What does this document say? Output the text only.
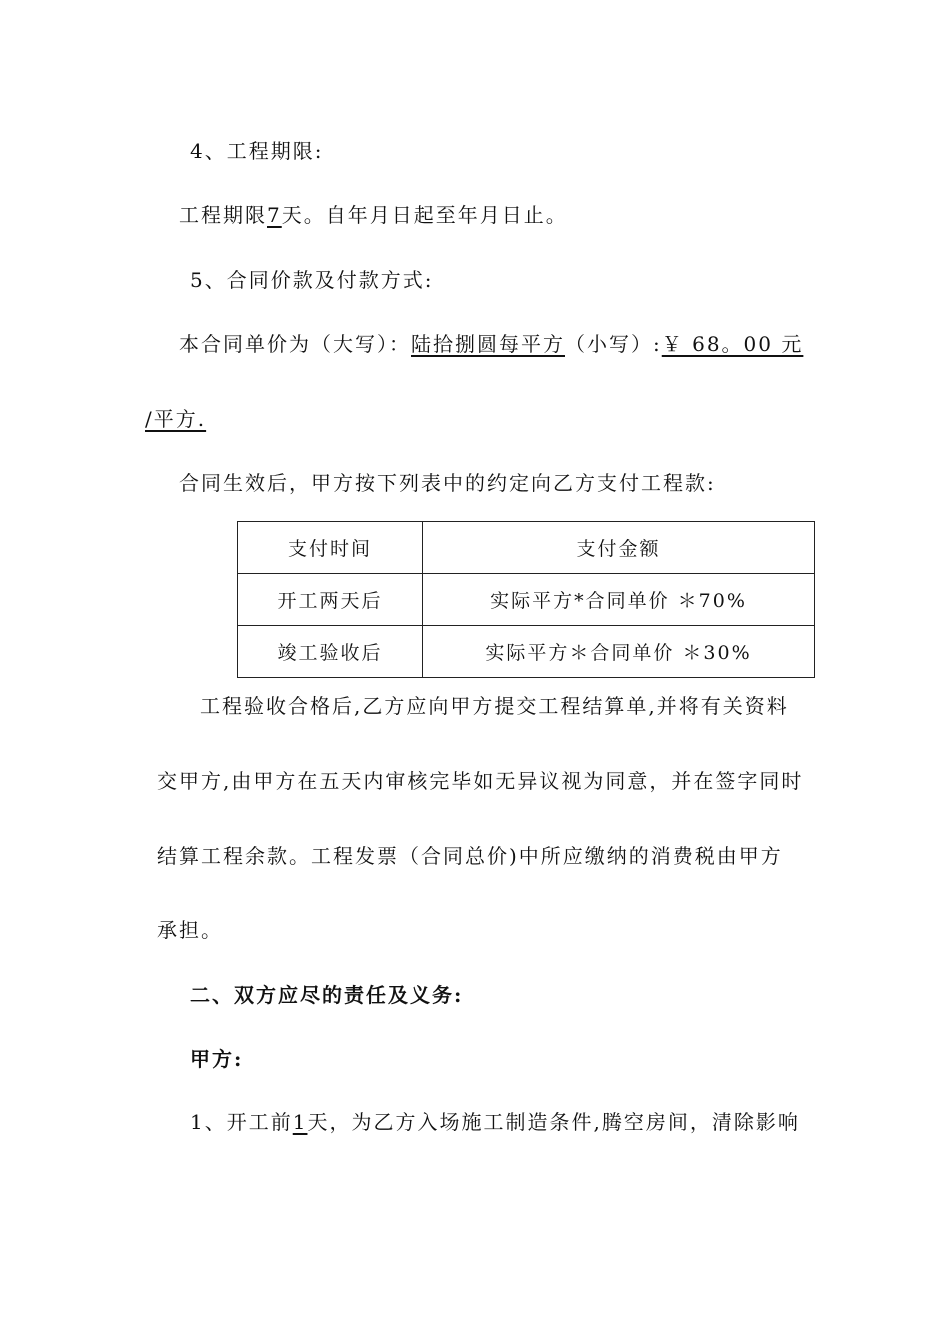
4、工程期限:
工程期限7天。自年月日起至年月日止。
5、合同价款及付款方式:
本合同单价为（大写）：陆拾捌圆每平方（小写）:￥ 68。00 元
/平方.
合同生效后，甲方按下列表中的约定向乙方支付工程款:
支付时间	支付金额
开工两天后	实际平方*合同单价 ＊70%
竣工验收后	实际平方＊合同单价 ＊30%
工程验收合格后,乙方应向甲方提交工程结算单,并将有关资料
交甲方,由甲方在五天内审核完毕如无异议视为同意，并在签字同时
结算工程余款。工程发票（合同总价)中所应缴纳的消费税由甲方
承担。
二、双方应尽的责任及义务:
甲方:
1、开工前1天，为乙方入场施工制造条件,腾空房间，清除影响
